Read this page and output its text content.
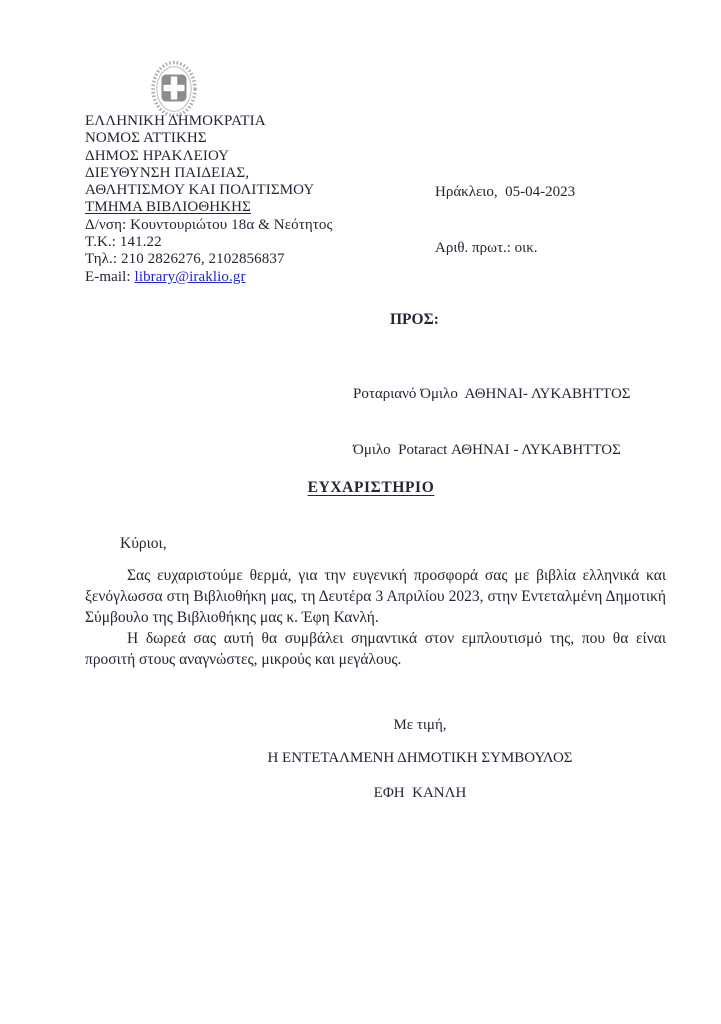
ΕΛΛΗΝΙΚΗ ΔΗΜΟΚΡΑΤΙΑ
ΝΟΜΟΣ ΑΤΤΙΚΗΣ
ΔΗΜΟΣ ΗΡΑΚΛΕΙΟΥ
ΔΙΕΥΘΥΝΣΗ ΠΑΙΔΕΙΑΣ,
ΑΘΛΗΤΙΣΜΟΥ ΚΑΙ ΠΟΛΙΤΙΣΜΟΥ
ΤΜΗΜΑ ΒΙΒΛΙΟΘΗΚΗΣ
Δ/νση: Κουντουριώτου 18α & Νεότητος
Τ.Κ.: 141.22
Τηλ.: 210 2826276, 2102856837
E-mail: library@iraklio.gr

Ηράκλειο,  05-04-2023

Αριθ. πρωτ.: οικ.

ΠΡΟΣ:

Ροταριανό Όμιλο  ΑΘΗΝΑΙ- ΛΥΚΑΒΗΤΤΟΣ

Όμιλο  Potaract ΑΘΗΝΑΙ - ΛΥΚΑΒΗΤΤΟΣ

ΕΥΧΑΡΙΣΤΗΡΙΟ
Κύριοι,

Σας ευχαριστούμε θερμά, για την ευγενική προσφορά σας με βιβλία ελληνικά και ξενόγλωσσα στη Βιβλιοθήκη μας, τη Δευτέρα 3 Απριλίου 2023, στην Εντεταλμένη Δημοτική Σύμβουλο της Βιβλιοθήκης μας κ. Έφη Κανλή.

Η δωρεά σας αυτή θα συμβάλει σημαντικά στον εμπλουτισμό της, που θα είναι προσιτή στους αναγνώστες, μικρούς και μεγάλους.

Με τιμή,
Η ΕΝΤΕΤΑΛΜΕΝΗ ΔΗΜΟΤΙΚΗ ΣΥΜΒΟΥΛΟΣ
ΕΦΗ  ΚΑΝΛΗ
